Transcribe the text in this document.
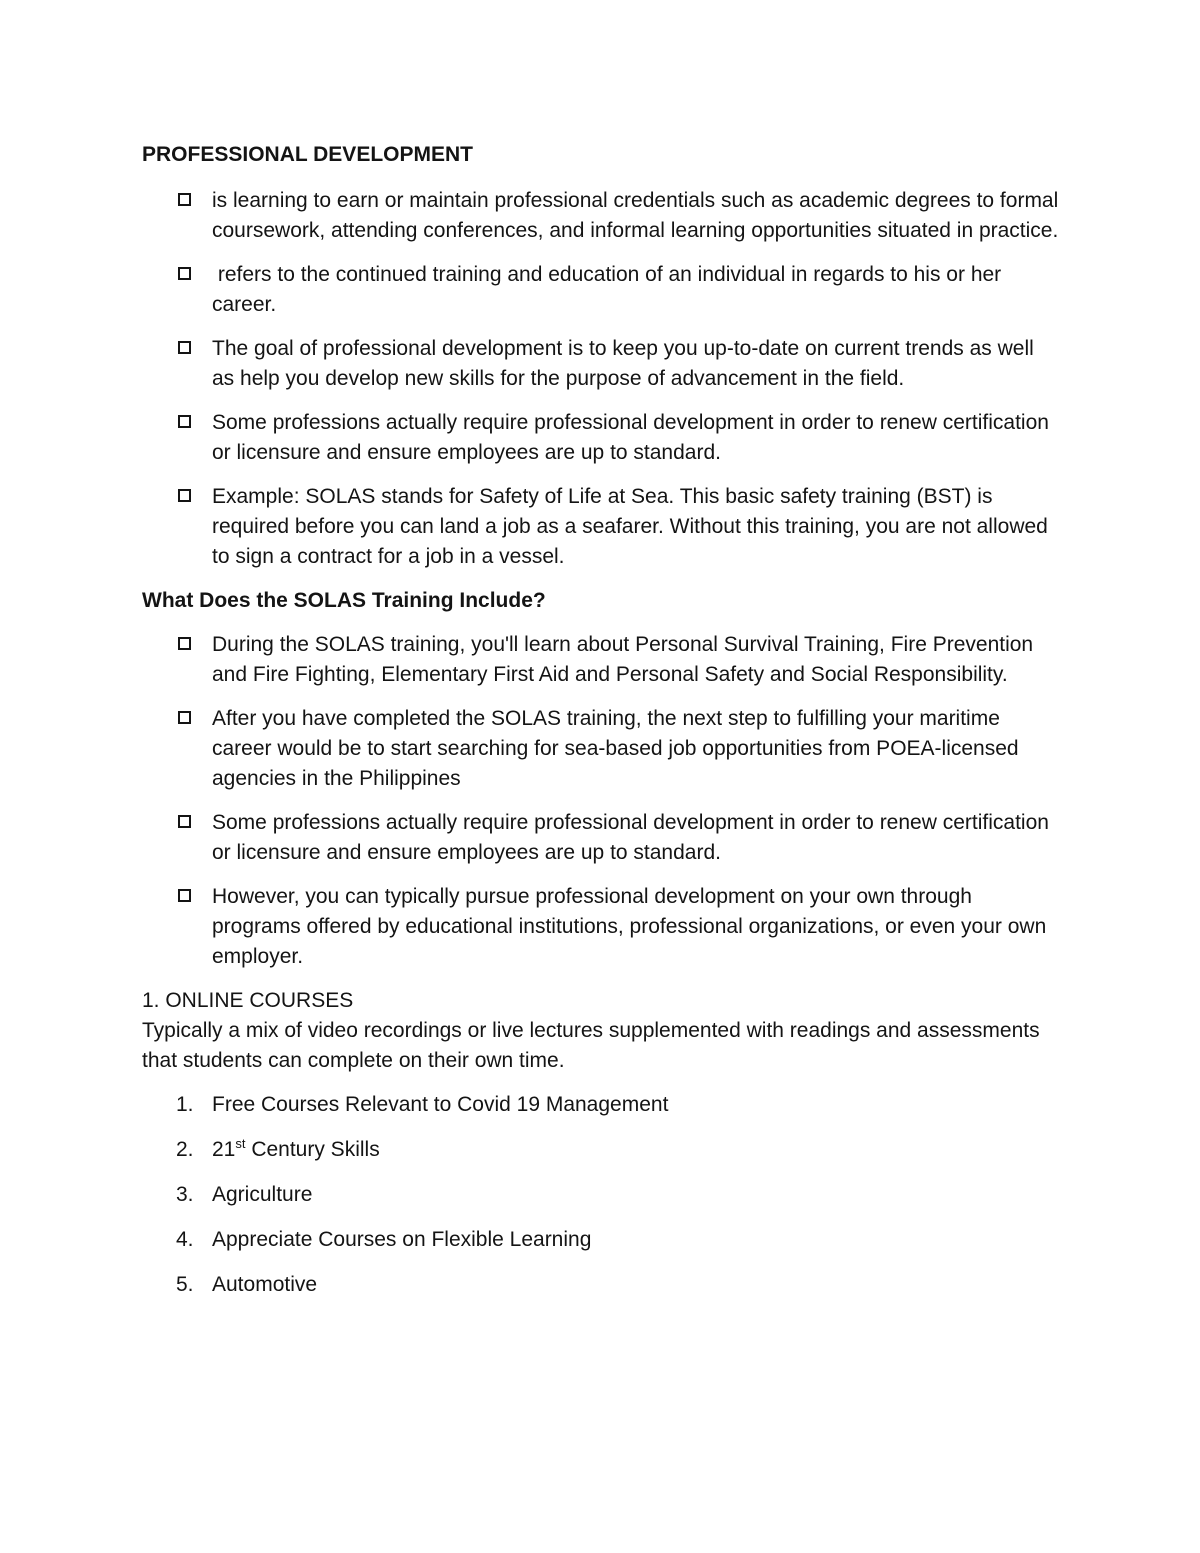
PROFESSIONAL DEVELOPMENT
is learning to earn or maintain professional credentials such as academic degrees to formal coursework, attending conferences, and informal learning opportunities situated in practice.
refers to the continued training and education of an individual in regards to his or her career.
The goal of professional development is to keep you up-to-date on current trends as well as help you develop new skills for the purpose of advancement in the field.
Some professions actually require professional development in order to renew certification or licensure and ensure employees are up to standard.
Example: SOLAS stands for Safety of Life at Sea. This basic safety training (BST) is required before you can land a job as a seafarer. Without this training, you are not allowed to sign a contract for a job in a vessel.
What Does the SOLAS Training Include?
During the SOLAS training, you'll learn about Personal Survival Training, Fire Prevention and Fire Fighting, Elementary First Aid and Personal Safety and Social Responsibility.
After you have completed the SOLAS training, the next step to fulfilling your maritime career would be to start searching for sea-based job opportunities from POEA-licensed agencies in the Philippines
Some professions actually require professional development in order to renew certification or licensure and ensure employees are up to standard.
However, you can typically pursue professional development on your own through programs offered by educational institutions, professional organizations, or even your own employer.
1. ONLINE COURSES
Typically a mix of video recordings or live lectures supplemented with readings and assessments that students can complete on their own time.
1. Free Courses Relevant to Covid 19 Management
2. 21st Century Skills
3. Agriculture
4. Appreciate Courses on Flexible Learning
5. Automotive
